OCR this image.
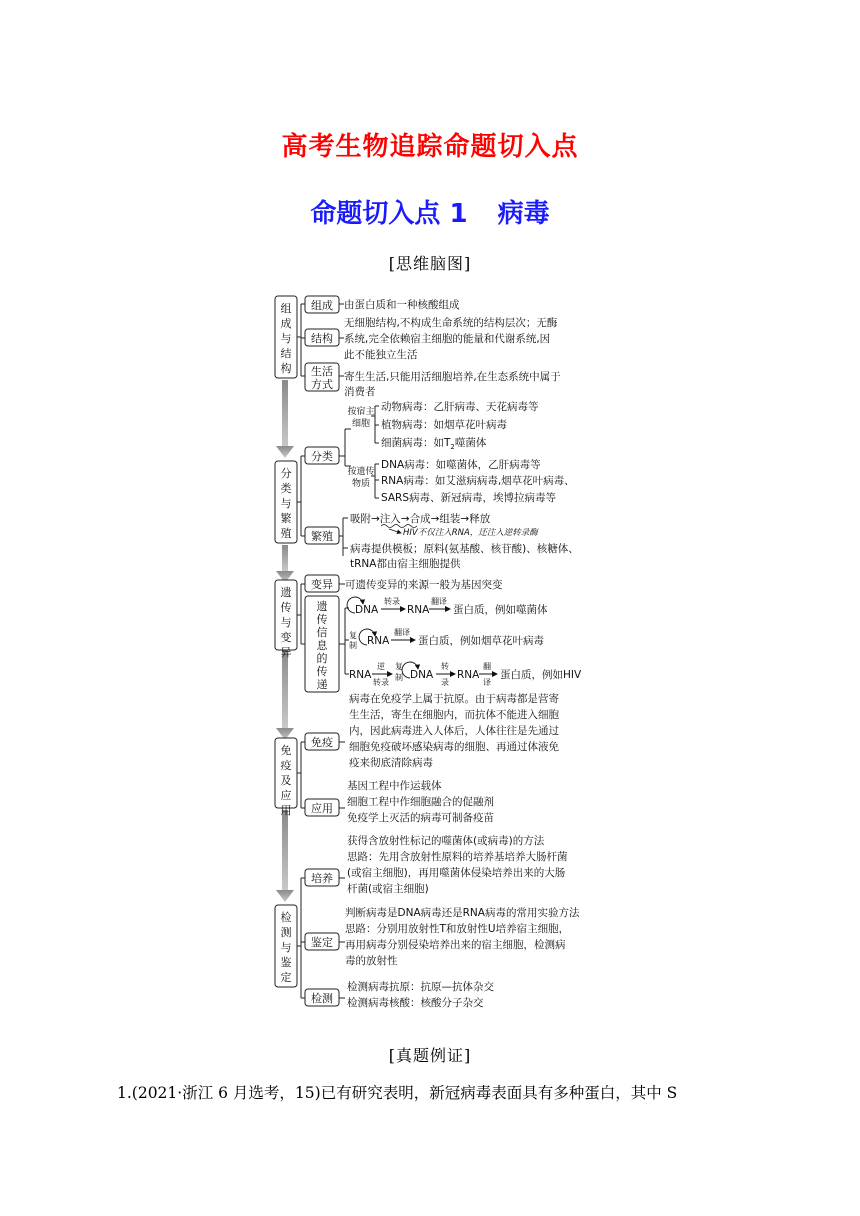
高考生物追踪命题切入点
命题切入点 1 病毒
[思维脑图]
组成与结构
分类与繁殖
遗传与变异
免疫及应用
检测与鉴定
组成
结构
生活
方式
分类
繁殖
变异
免疫
应用
培养
鉴定
检测
遗传信息的传递
按宿主
细胞
按遗传
物质
由蛋白质和一种核酸组成
无细胞结构,不构成生命系统的结构层次；无酶
系统,完全依赖宿主细胞的能量和代谢系统,因
此不能独立生活
寄生生活,只能用活细胞培养,在生态系统中属于
消费者
动物病毒：乙肝病毒、天花病毒等
植物病毒：如烟草花叶病毒
细菌病毒：如$T_2$噬菌体
DNA病毒：如噬菌体，乙肝病毒等
RNA病毒：如艾滋病病毒,烟草花叶病毒、
SARS病毒、新冠病毒，埃博拉病毒等
吸附→注入→合成→组装→释放
病毒提供模板；原料(氨基酸、核苷酸)、核糖体、
tRNA都由宿主细胞提供
可遗传变异的来源一般为基因突变
病毒在免疫学上属于抗原。由于病毒都是营寄
生生活，寄生在细胞内，而抗体不能进入细胞
内，因此病毒进入人体后，人体往往是先通过
细胞免疫破坏感染病毒的细胞、再通过体液免
疫来彻底清除病毒
基因工程中作运载体
细胞工程中作细胞融合的促融剂
免疫学上灭活的病毒可制备疫苗
获得含放射性标记的噬菌体(或病毒)的方法
思路：先用含放射性原料的培养基培养大肠杆菌
(或宿主细胞)，再用噬菌体侵染培养出来的大肠
杆菌(或宿主细胞)
判断病毒是DNA病毒还是RNA病毒的常用实验方法
思路：分别用放射性T和放射性U培养宿主细胞，
再用病毒分别侵染培养出来的宿主细胞，检测病
毒的放射性
检测病毒抗原：抗原—抗体杂交
检测病毒核酸：核酸分子杂交
HIV不仅注入RNA，还注入逆转录酶
DNA
转录
RNA
翻译
蛋白质，例如噬菌体
复
制 RNA
翻译
蛋白质，例如烟草花叶病毒
RNA
逆
转录
复
制 DNA
转
录
RNA
翻
译
蛋白质，例如HIV
[真题例证]
1.(2021·浙江 6 月选考，15)已有研究表明，新冠病毒表面具有多种蛋白，其中 S
